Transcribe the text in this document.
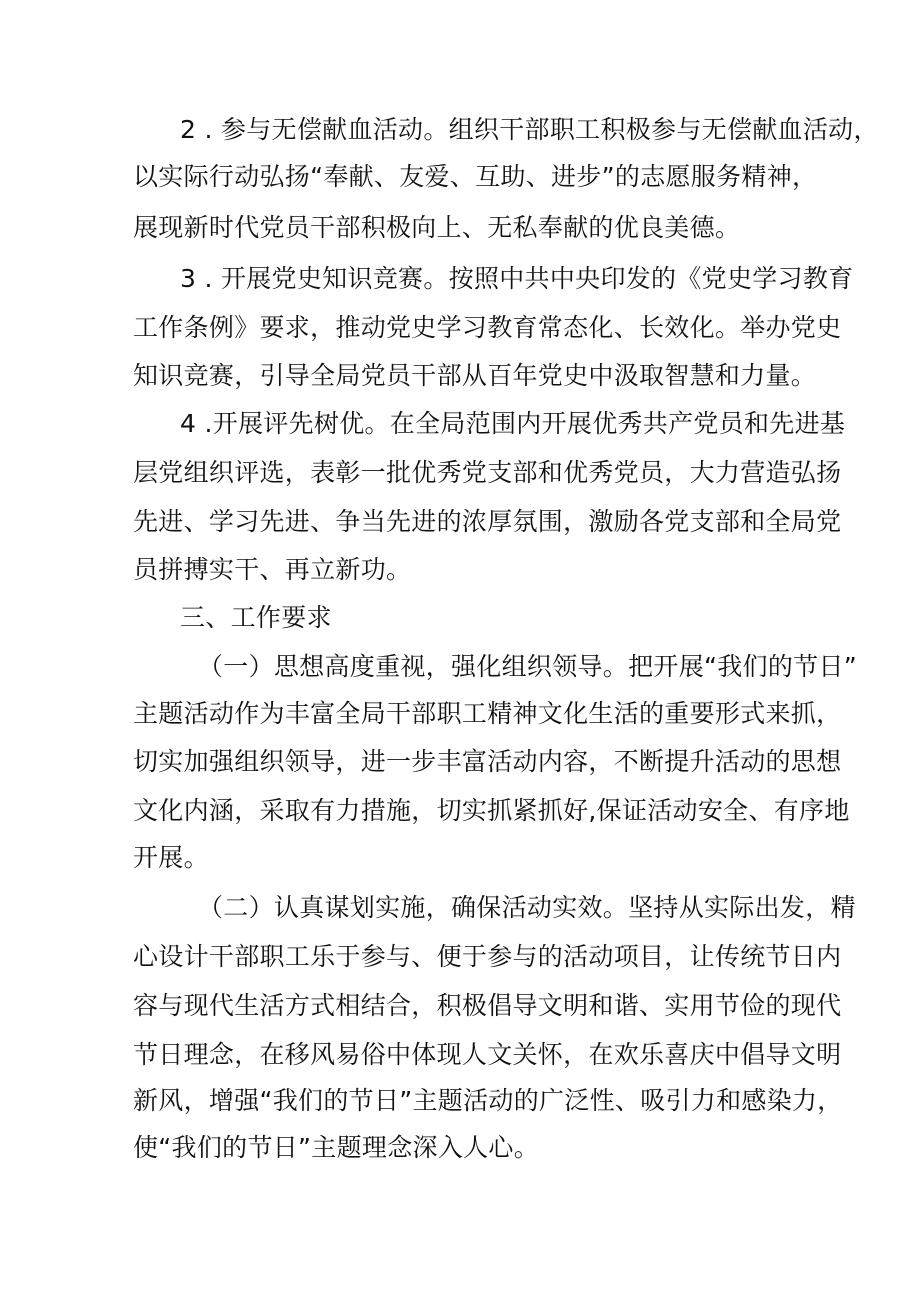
2 . 参与无偿献血活动。组织干部职工积极参与无偿献血活动，
以实际行动弘扬“奉献、友爱、互助、进步”的志愿服务精神，
展现新时代党员干部积极向上、无私奉献的优良美德。
3 . 开展党史知识竞赛。按照中共中央印发的《党史学习教育
工作条例》要求，推动党史学习教育常态化、长效化。举办党史
知识竞赛，引导全局党员干部从百年党史中汲取智慧和力量。
4 .开展评先树优。在全局范围内开展优秀共产党员和先进基
层党组织评选，表彰一批优秀党支部和优秀党员，大力营造弘扬
先进、学习先进、争当先进的浓厚氛围，激励各党支部和全局党
员拼搏实干、再立新功。
三、工作要求
（一）思想高度重视，强化组织领导。把开展“我们的节日”
主题活动作为丰富全局干部职工精神文化生活的重要形式来抓，
切实加强组织领导，进一步丰富活动内容，不断提升活动的思想
文化内涵，采取有力措施，切实抓紧抓好,保证活动安全、有序地
开展。
（二）认真谋划实施，确保活动实效。坚持从实际出发，精
心设计干部职工乐于参与、便于参与的活动项目，让传统节日内
容与现代生活方式相结合，积极倡导文明和谐、实用节俭的现代
节日理念，在移风易俗中体现人文关怀，在欢乐喜庆中倡导文明
新风，增强“我们的节日”主题活动的广泛性、吸引力和感染力，
使“我们的节日”主题理念深入人心。
